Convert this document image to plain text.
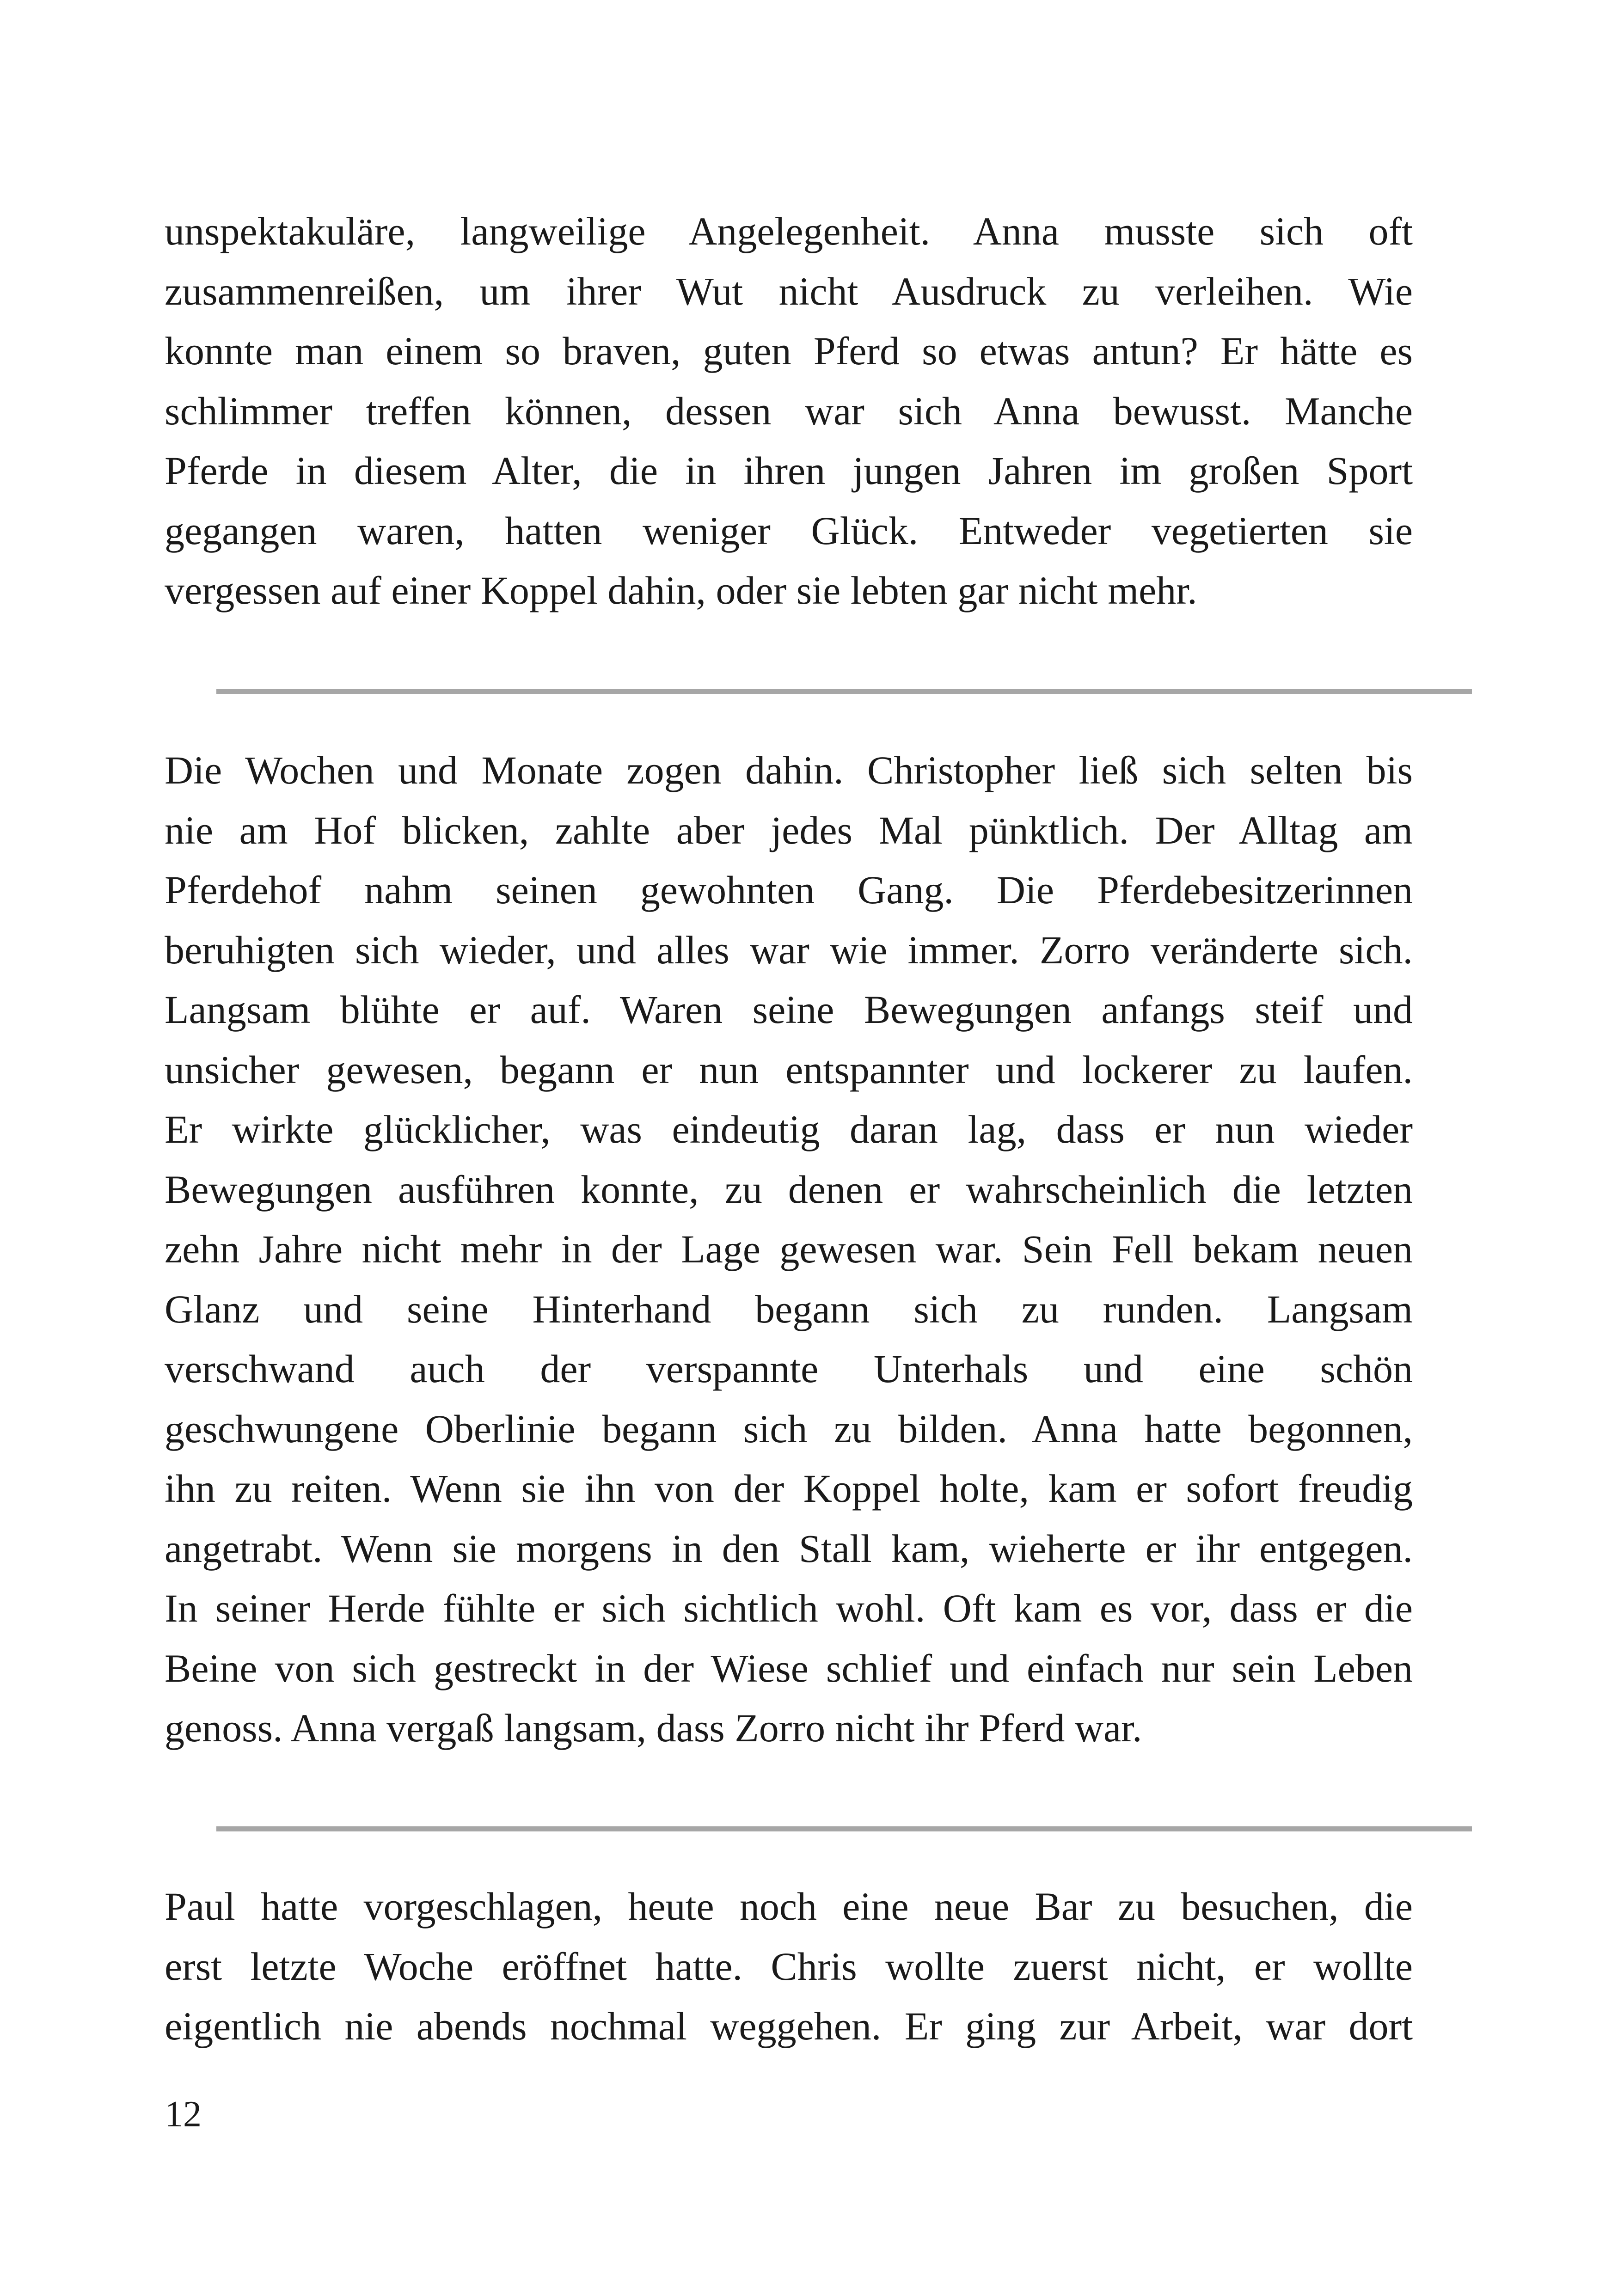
unspektakuläre, langweilige Angelegenheit. Anna musste sich oft
zusammenreißen, um ihrer Wut nicht Ausdruck zu verleihen. Wie
konnte man einem so braven, guten Pferd so etwas antun? Er hätte es
schlimmer treffen können, dessen war sich Anna bewusst. Manche
Pferde in diesem Alter, die in ihren jungen Jahren im großen Sport
gegangen waren, hatten weniger Glück. Entweder vegetierten sie
vergessen auf einer Koppel dahin, oder sie lebten gar nicht mehr.
Die Wochen und Monate zogen dahin. Christopher ließ sich selten bis
nie am Hof blicken, zahlte aber jedes Mal pünktlich. Der Alltag am
Pferdehof nahm seinen gewohnten Gang. Die Pferdebesitzerinnen
beruhigten sich wieder, und alles war wie immer. Zorro veränderte sich.
Langsam blühte er auf. Waren seine Bewegungen anfangs steif und
unsicher gewesen, begann er nun entspannter und lockerer zu laufen.
Er wirkte glücklicher, was eindeutig daran lag, dass er nun wieder
Bewegungen ausführen konnte, zu denen er wahrscheinlich die letzten
zehn Jahre nicht mehr in der Lage gewesen war. Sein Fell bekam neuen
Glanz und seine Hinterhand begann sich zu runden. Langsam
verschwand auch der verspannte Unterhals und eine schön
geschwungene Oberlinie begann sich zu bilden. Anna hatte begonnen,
ihn zu reiten. Wenn sie ihn von der Koppel holte, kam er sofort freudig
angetrabt. Wenn sie morgens in den Stall kam, wieherte er ihr entgegen.
In seiner Herde fühlte er sich sichtlich wohl. Oft kam es vor, dass er die
Beine von sich gestreckt in der Wiese schlief und einfach nur sein Leben
genoss. Anna vergaß langsam, dass Zorro nicht ihr Pferd war.
Paul hatte vorgeschlagen, heute noch eine neue Bar zu besuchen, die
erst letzte Woche eröffnet hatte. Chris wollte zuerst nicht, er wollte
eigentlich nie abends nochmal weggehen. Er ging zur Arbeit, war dort
12
